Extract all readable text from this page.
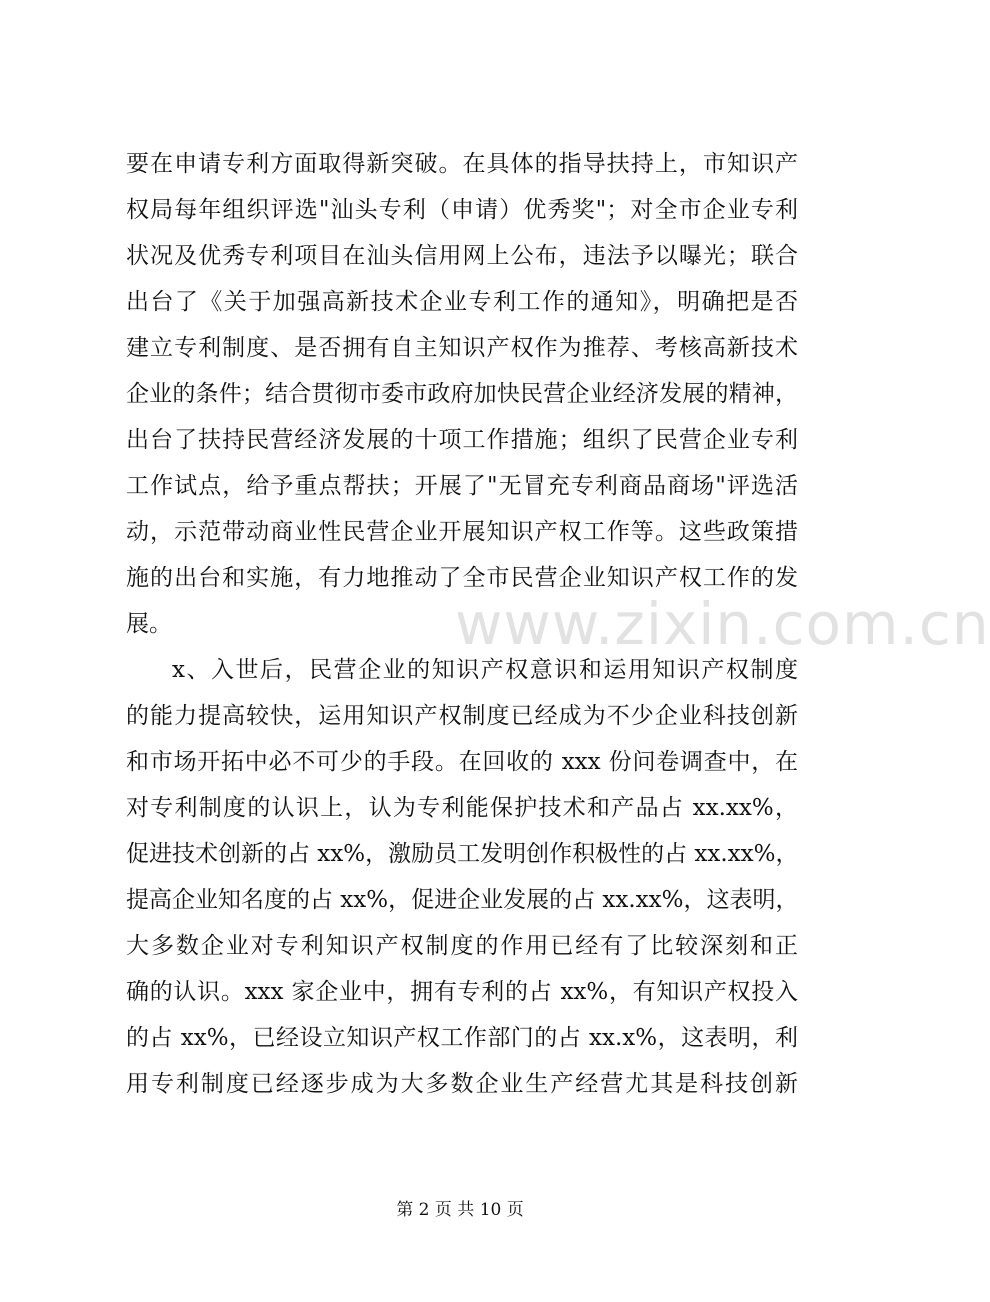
要在申请专利方面取得新突破。在具体的指导扶持上，市知识产
权局每年组织评选"汕头专利（申请）优秀奖"；对全市企业专利
状况及优秀专利项目在汕头信用网上公布，违法予以曝光；联合
出台了《关于加强高新技术企业专利工作的通知》，明确把是否
建立专利制度、是否拥有自主知识产权作为推荐、考核高新技术
企业的条件；结合贯彻市委市政府加快民营企业经济发展的精神，
出台了扶持民营经济发展的十项工作措施；组织了民营企业专利
工作试点，给予重点帮扶；开展了"无冒充专利商品商场"评选活
动，示范带动商业性民营企业开展知识产权工作等。这些政策措
施的出台和实施，有力地推动了全市民营企业知识产权工作的发
展。
x、入世后，民营企业的知识产权意识和运用知识产权制度
的能力提高较快，运用知识产权制度已经成为不少企业科技创新
和市场开拓中必不可少的手段。在回收的 xxx 份问卷调查中，在
对专利制度的认识上，认为专利能保护技术和产品占 xx.xx%，
促进技术创新的占 xx%，激励员工发明创作积极性的占 xx.xx%，
提高企业知名度的占 xx%，促进企业发展的占 xx.xx%，这表明，
大多数企业对专利知识产权制度的作用已经有了比较深刻和正
确的认识。xxx 家企业中，拥有专利的占 xx%，有知识产权投入
的占 xx%，已经设立知识产权工作部门的占 xx.x%，这表明，利
用专利制度已经逐步成为大多数企业生产经营尤其是科技创新
www.zixin.com.cn
第 2 页 共 10 页
